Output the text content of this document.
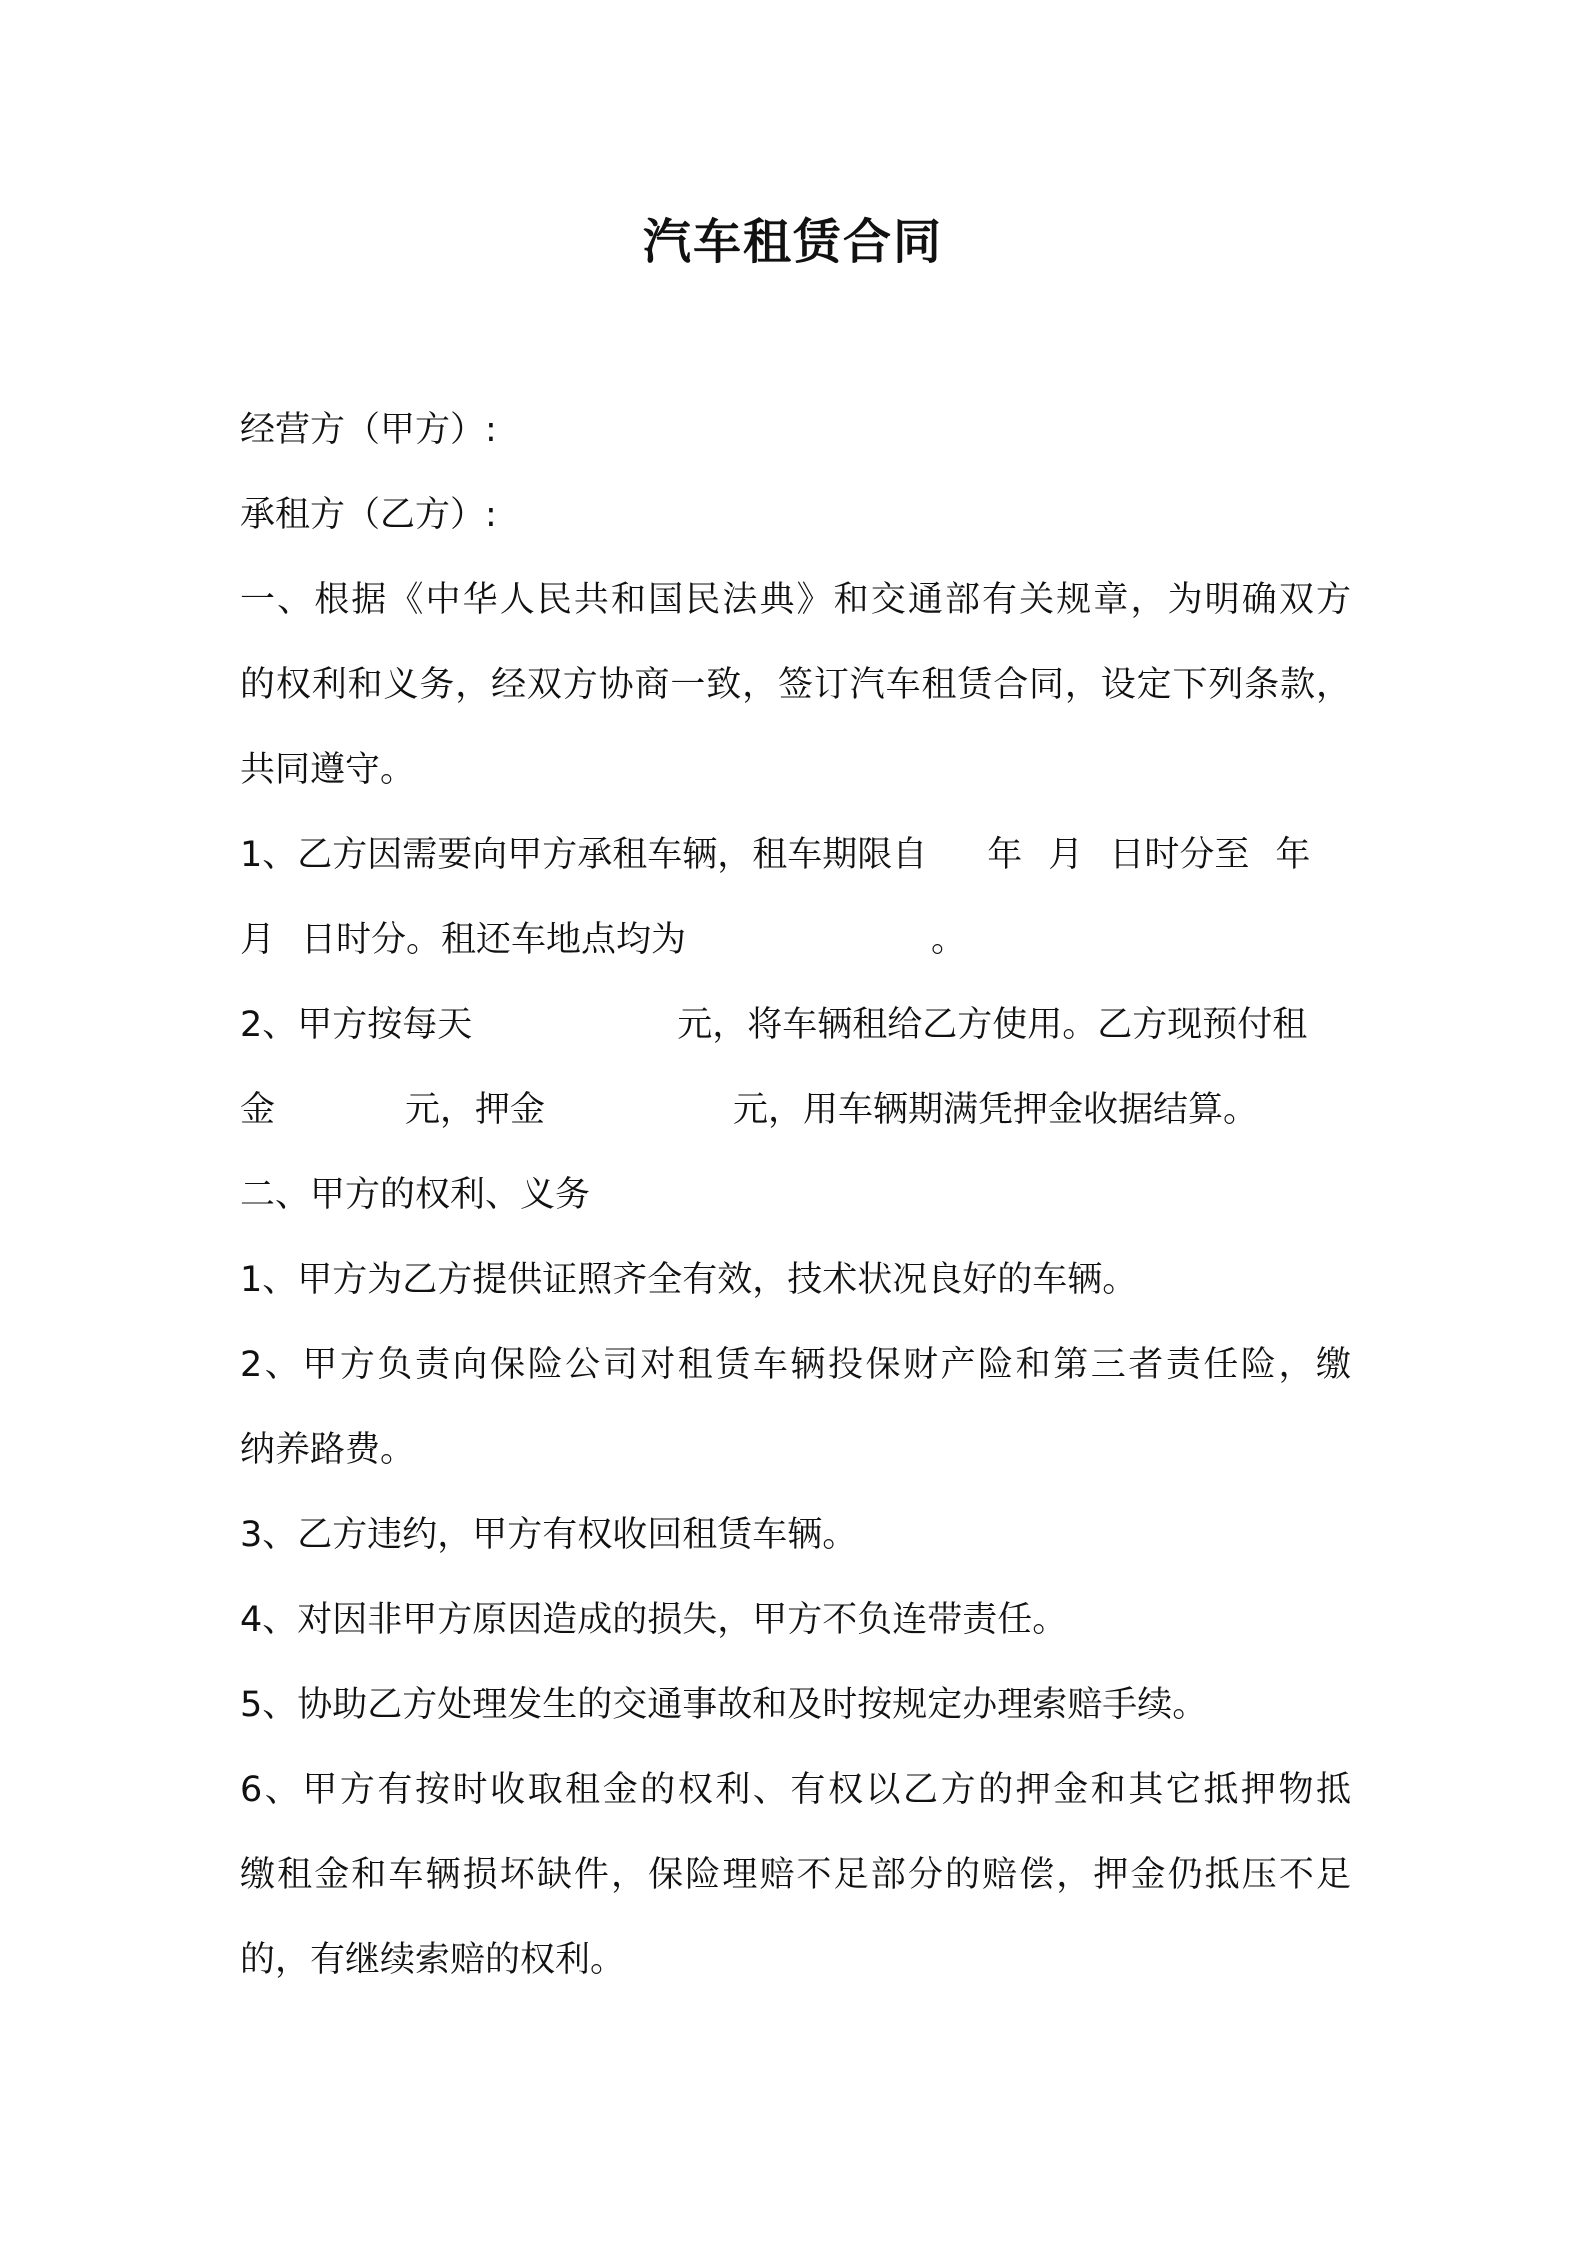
汽车租赁合同
经营方（甲方）:
承租方（乙方）:
一、根据《中华人民共和国民法典》和交通部有关规章，为明确双方
的权利和义务，经双方协商一致，签订汽车租赁合同，设定下列条款，
共同遵守。
1、乙方因需要向甲方承租车辆，租车期限自 年 月 日时分至 年
月 日时分。租还车地点均为	。
2、甲方按每天	元，将车辆租给乙方使用。乙方现预付租
金	元，押金	元，用车辆期满凭押金收据结算。
二、甲方的权利、义务
1、甲方为乙方提供证照齐全有效，技术状况良好的车辆。
2、甲方负责向保险公司对租赁车辆投保财产险和第三者责任险，缴
纳养路费。
3、乙方违约，甲方有权收回租赁车辆。
4、对因非甲方原因造成的损失，甲方不负连带责任。
5、协助乙方处理发生的交通事故和及时按规定办理索赔手续。
6、甲方有按时收取租金的权利、有权以乙方的押金和其它抵押物抵
缴租金和车辆损坏缺件，保险理赔不足部分的赔偿，押金仍抵压不足
的，有继续索赔的权利。
